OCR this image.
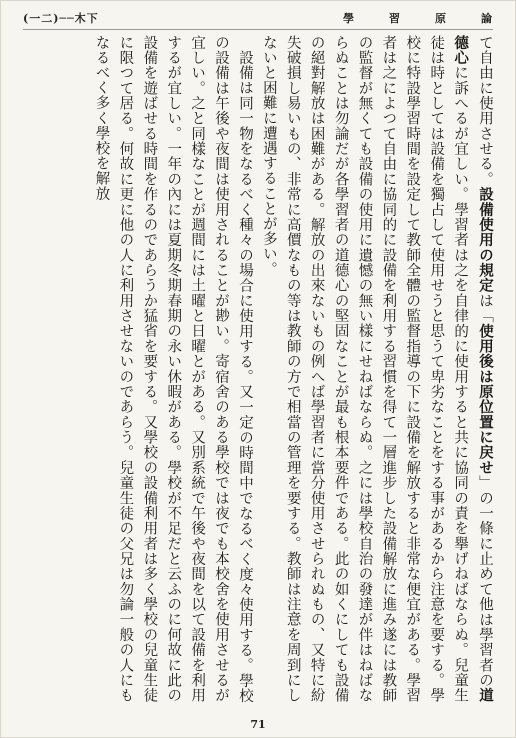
學	習	原	論
(一二)──木下

て自由に使用させる。設備使用の規定は「使用後は原位置に戻せ」の一條に止めて他は學習者の道德心に訴へるが宜しい。學習者は之を自律的に使用すると共に協同の責を擧げねばならぬ。兒童生徒は時としては設備を獨占して使用せうと思うて卑劣なことをする事があるから注意を要する。學校に特設學習時間を設定して教師全體の監督指導の下に設備を解放すると非常な便宜がある。學習者は之によつて自由に協同的に設備を利用する習慣を得て一層進步した設備解放に進み遂には教師の監督が無くても設備の使用に遺憾の無い樣にせねばならぬ。之には學校自治の發達が伴はねばならぬことは勿論だが各學習者の道德心の堅固なことが最も根本要件である。此の如くにしても設備の絕對解放は困難がある。解放の出來ないもの例へば學習者に當分使用させられぬもの、又特に紛失破損し易いもの、非常に高價なもの等は教師の方で相當の管理を要する。教師は注意を周到にしないと困難に遭遇することが多い。

設備は同一物をなるべく種々の場合に使用する。又一定の時間中でなるべく度々使用する。學校の設備は午後や夜間は使用されることが尠い。寄宿舍のある學校では夜でも本校舍を使用させるが宜しい。之と同樣なことが週間には土曜と日曜とがある。又別系統で午後や夜間を以て設備を利用するが宜しい。一年の內には夏期冬期春期の永い休暇がある。學校が不足だと云ふのに何故に此の設備を遊ばせる時間を作るのであらうか猛省を要する。又學校の設備利用者は多く學校の兒童生徒に限つて居る。何故に更に他の人に利用させないのであらう。兒童生徒の父兄は勿論一般の人にもなるべく多く學校を解放

71
